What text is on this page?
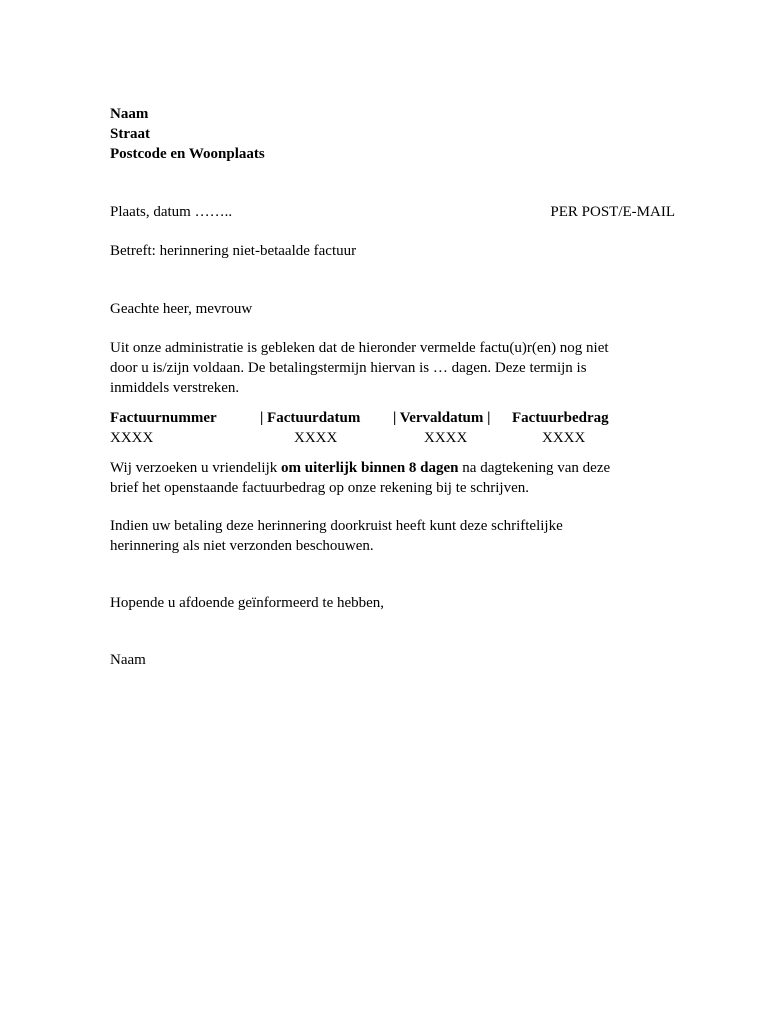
Naam
Straat
Postcode en Woonplaats
Plaats, datum ……..	PER POST/E-MAIL
Betreft: herinnering niet-betaalde factuur
Geachte heer, mevrouw
Uit onze administratie is gebleken dat de hieronder vermelde factu(u)r(en) nog niet
door u is/zijn voldaan. De betalingstermijn hiervan is … dagen. Deze termijn is
inmiddels verstreken.
Factuurnummer	| Factuurdatum | Vervaldatum | Factuurbedrag
XXXX	XXXX	XXXX	XXXX
Wij verzoeken u vriendelijk om uiterlijk binnen 8 dagen na dagtekening van deze
brief het openstaande factuurbedrag op onze rekening bij te schrijven.
Indien uw betaling deze herinnering doorkruist heeft kunt deze schriftelijke
herinnering als niet verzonden beschouwen.
Hopende u afdoende geïnformeerd te hebben,
Naam
